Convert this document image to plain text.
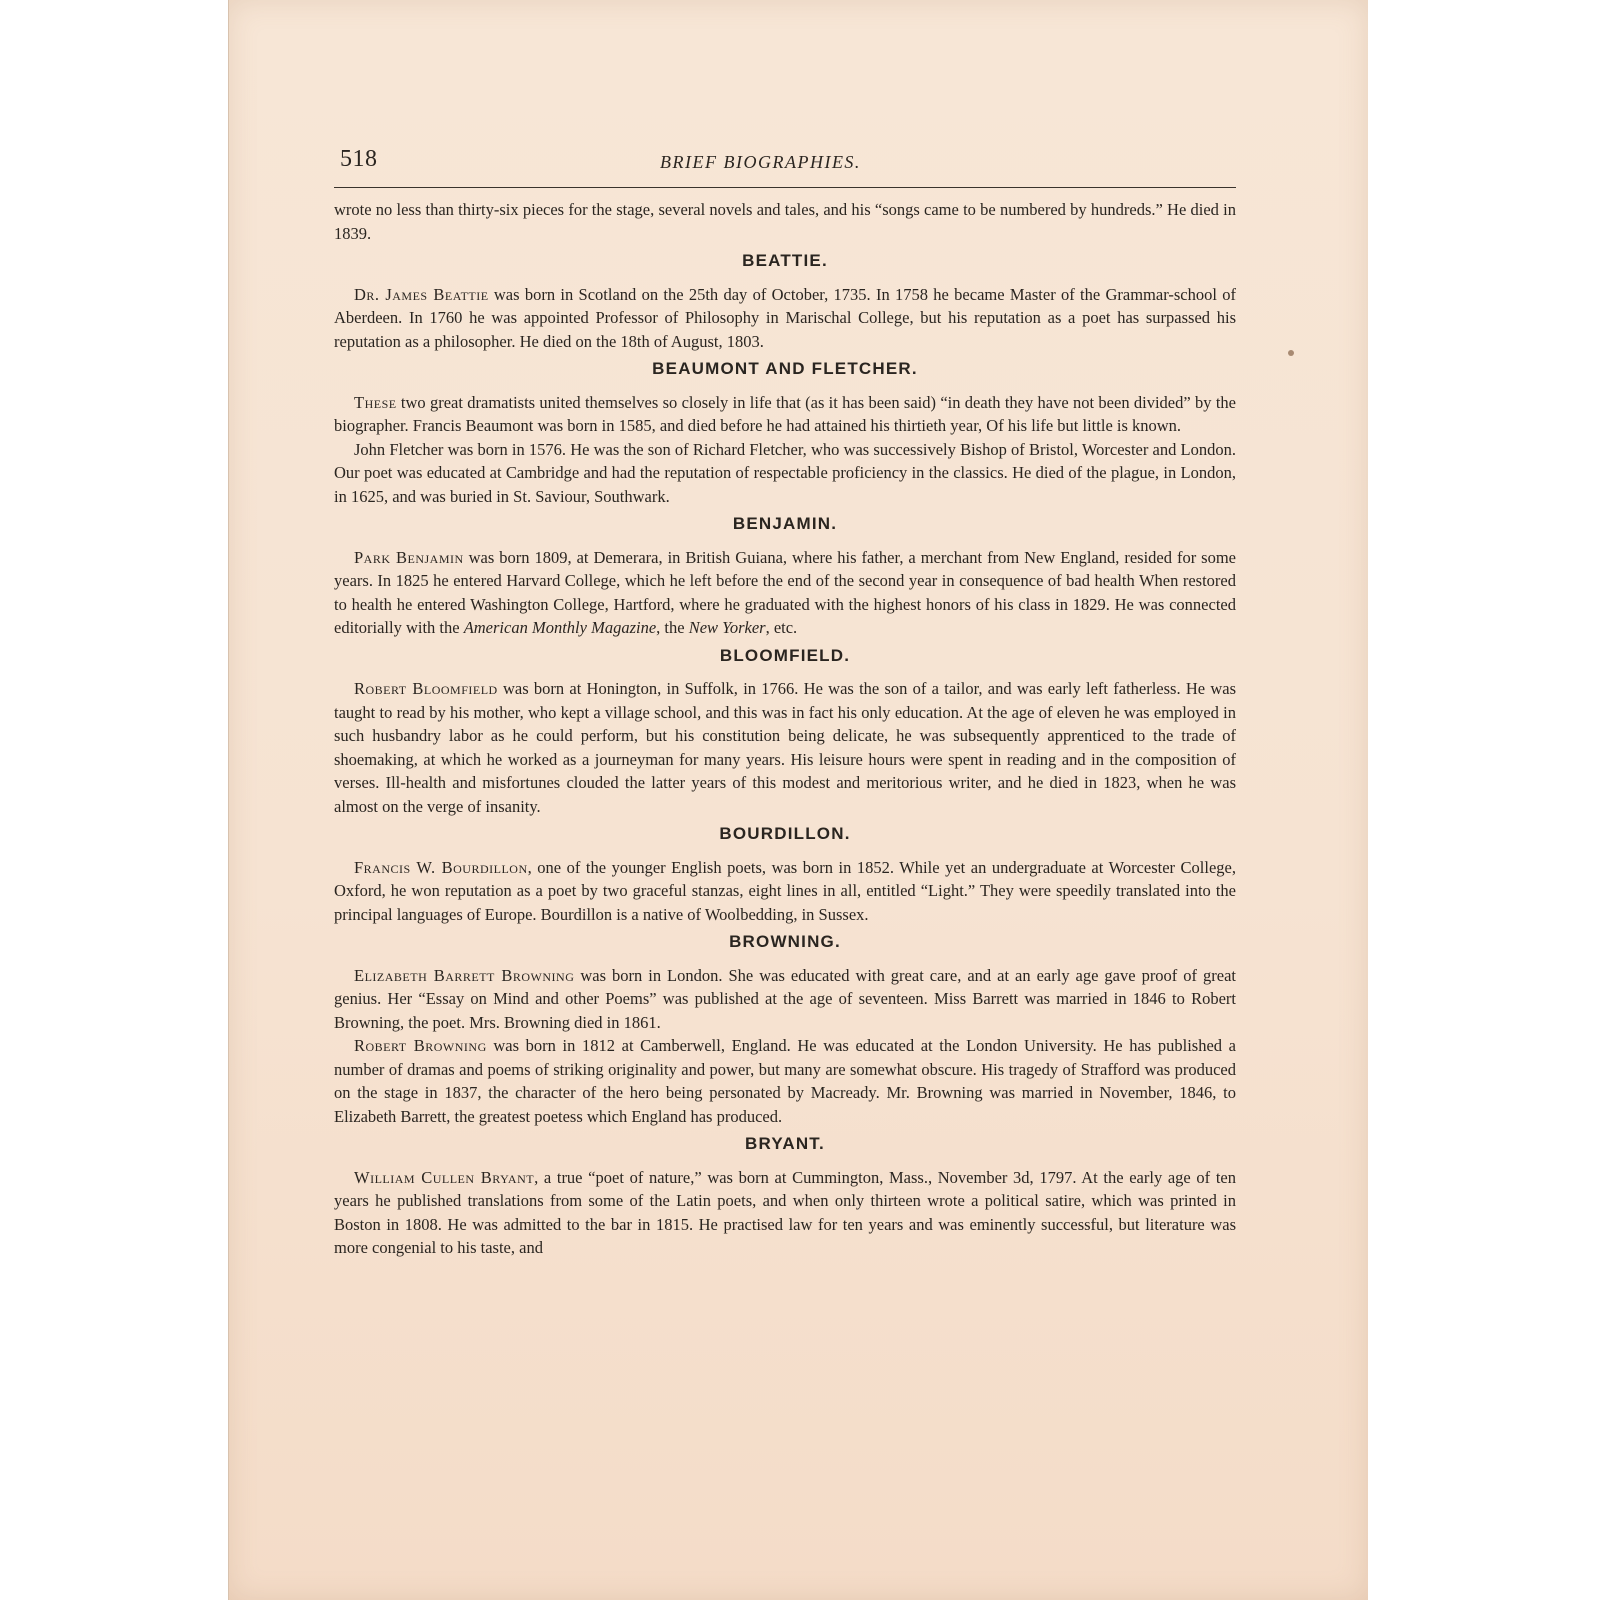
518	BRIEF BIOGRAPHIES.

wrote no less than thirty-six pieces for the stage, several novels and tales, and his “songs came to be numbered by hundreds.” He died in 1839.

BEATTIE.

Dr. James Beattie was born in Scotland on the 25th day of October, 1735. In 1758 he became Master of the Grammar-school of Aberdeen. In 1760 he was appointed Professor of Philosophy in Marischal College, but his reputation as a poet has surpassed his reputation as a philosopher. He died on the 18th of August, 1803.

BEAUMONT AND FLETCHER.

These two great dramatists united themselves so closely in life that (as it has been said) “in death they have not been divided” by the biographer. Francis Beaumont was born in 1585, and died before he had attained his thirtieth year, Of his life but little is known.

John Fletcher was born in 1576. He was the son of Richard Fletcher, who was successively Bishop of Bristol, Worcester and London. Our poet was educated at Cambridge and had the reputation of respectable proficiency in the classics. He died of the plague, in London, in 1625, and was buried in St. Saviour, Southwark.

BENJAMIN.

Park Benjamin was born 1809, at Demerara, in British Guiana, where his father, a merchant from New England, resided for some years. In 1825 he entered Harvard College, which he left before the end of the second year in consequence of bad health When restored to health he entered Washington College, Hartford, where he graduated with the highest honors of his class in 1829. He was connected editorially with the American Monthly Magazine, the New Yorker, etc.

BLOOMFIELD.

Robert Bloomfield was born at Honington, in Suffolk, in 1766. He was the son of a tailor, and was early left fatherless. He was taught to read by his mother, who kept a village school, and this was in fact his only education. At the age of eleven he was employed in such husbandry labor as he could perform, but his constitution being delicate, he was subsequently apprenticed to the trade of shoemaking, at which he worked as a journeyman for many years. His leisure hours were spent in reading and in the composition of verses. Ill-health and misfortunes clouded the latter years of this modest and meritorious writer, and he died in 1823, when he was almost on the verge of insanity.

BOURDILLON.

Francis W. Bourdillon, one of the younger English poets, was born in 1852. While yet an undergraduate at Worcester College, Oxford, he won reputation as a poet by two graceful stanzas, eight lines in all, entitled “Light.” They were speedily translated into the principal languages of Europe. Bourdillon is a native of Woolbedding, in Sussex.

BROWNING.

Elizabeth Barrett Browning was born in London. She was educated with great care, and at an early age gave proof of great genius. Her “Essay on Mind and other Poems” was published at the age of seventeen. Miss Barrett was married in 1846 to Robert Browning, the poet. Mrs. Browning died in 1861.

Robert Browning was born in 1812 at Camberwell, England. He was educated at the London University. He has published a number of dramas and poems of striking originality and power, but many are somewhat obscure. His tragedy of Strafford was produced on the stage in 1837, the character of the hero being personated by Macready. Mr. Browning was married in November, 1846, to Elizabeth Barrett, the greatest poetess which England has produced.

BRYANT.

William Cullen Bryant, a true “poet of nature,” was born at Cummington, Mass., November 3d, 1797. At the early age of ten years he published translations from some of the Latin poets, and when only thirteen wrote a political satire, which was printed in Boston in 1808. He was admitted to the bar in 1815. He practised law for ten years and was eminently successful, but literature was more congenial to his taste, and
